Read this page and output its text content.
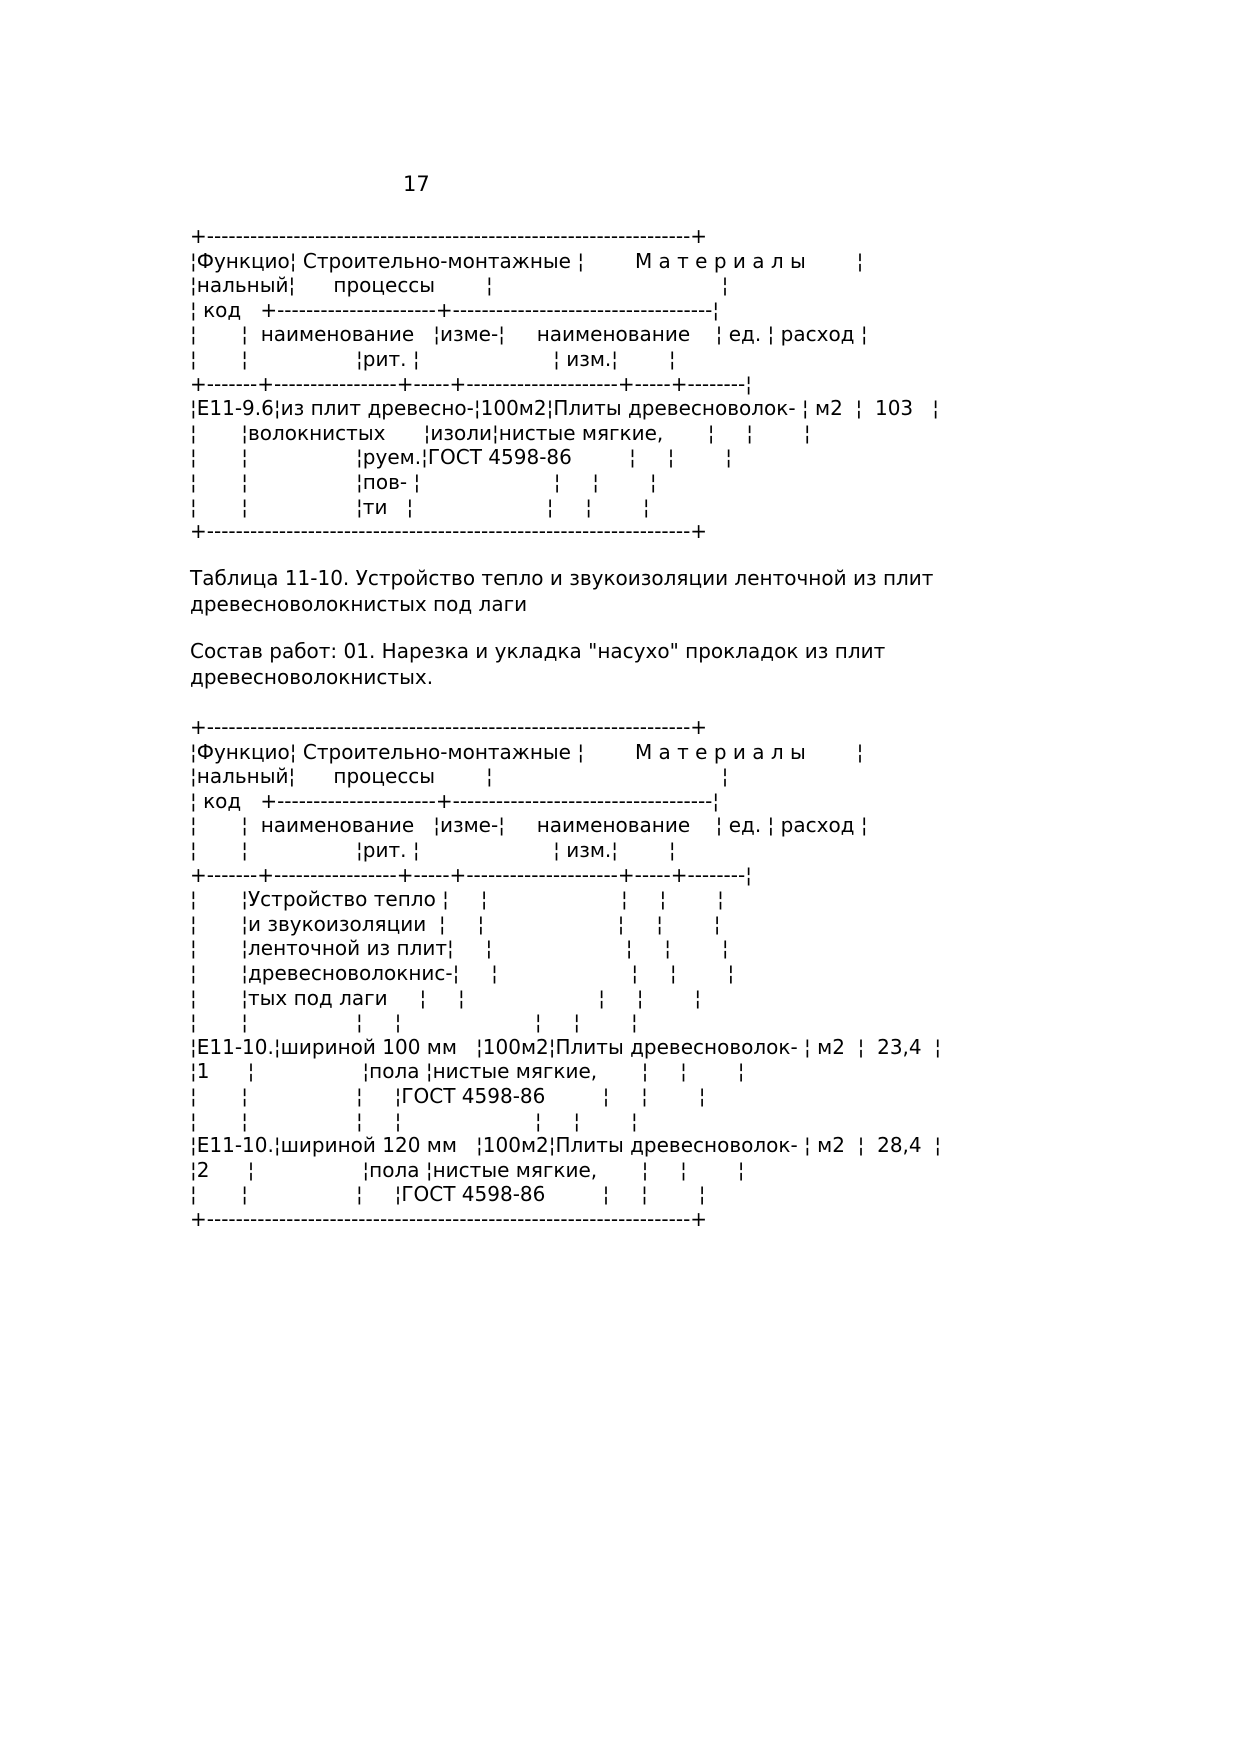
17
+-------------------------------------------------------------------+
¦Функцио¦ Строительно-монтажные ¦        М а т е р и а л ы        ¦
¦нальный¦      процессы        ¦                                    ¦
¦ код   +----------------------+------------------------------------¦
¦       ¦  наименование   ¦изме-¦     наименование    ¦ ед. ¦ расход ¦
¦       ¦                 ¦рит. ¦                     ¦ изм.¦        ¦
+-------+-----------------+-----+---------------------+-----+--------¦
¦Е11-9.6¦из плит древесно-¦100м2¦Плиты древесноволок- ¦ м2  ¦  103   ¦
¦       ¦волокнистых      ¦изоли¦нистые мягкие,       ¦     ¦        ¦
¦       ¦                 ¦руем.¦ГОСТ 4598-86         ¦     ¦        ¦
¦       ¦                 ¦пов- ¦                     ¦     ¦        ¦
¦       ¦                 ¦ти   ¦                     ¦     ¦        ¦
+-------------------------------------------------------------------+

Таблица 11-10. Устройство тепло и звукоизоляции ленточной из плит древесноволокнистых под лаги

Состав работ: 01. Нарезка и укладка "насухо" прокладок из плит древесноволокнистых.

+-------------------------------------------------------------------+
¦Функцио¦ Строительно-монтажные ¦        М а т е р и а л ы        ¦
¦нальный¦      процессы        ¦                                    ¦
¦ код   +----------------------+------------------------------------¦
¦       ¦  наименование   ¦изме-¦     наименование    ¦ ед. ¦ расход ¦
¦       ¦                 ¦рит. ¦                     ¦ изм.¦        ¦
+-------+-----------------+-----+---------------------+-----+--------¦
¦       ¦Устройство тепло ¦     ¦                     ¦     ¦        ¦
¦       ¦и звукоизоляции  ¦     ¦                     ¦     ¦        ¦
¦       ¦ленточной из плит¦     ¦                     ¦     ¦        ¦
¦       ¦древесноволокнис-¦     ¦                     ¦     ¦        ¦
¦       ¦тых под лаги     ¦     ¦                     ¦     ¦        ¦
¦       ¦                 ¦     ¦                     ¦     ¦        ¦
¦Е11-10.¦шириной 100 мм   ¦100м2¦Плиты древесноволок- ¦ м2  ¦  23,4  ¦
¦1      ¦                 ¦пола ¦нистые мягкие,       ¦     ¦        ¦
¦       ¦                 ¦     ¦ГОСТ 4598-86         ¦     ¦        ¦
¦       ¦                 ¦     ¦                     ¦     ¦        ¦
¦Е11-10.¦шириной 120 мм   ¦100м2¦Плиты древесноволок- ¦ м2  ¦  28,4  ¦
¦2      ¦                 ¦пола ¦нистые мягкие,       ¦     ¦        ¦
¦       ¦                 ¦     ¦ГОСТ 4598-86         ¦     ¦        ¦
+-------------------------------------------------------------------+
